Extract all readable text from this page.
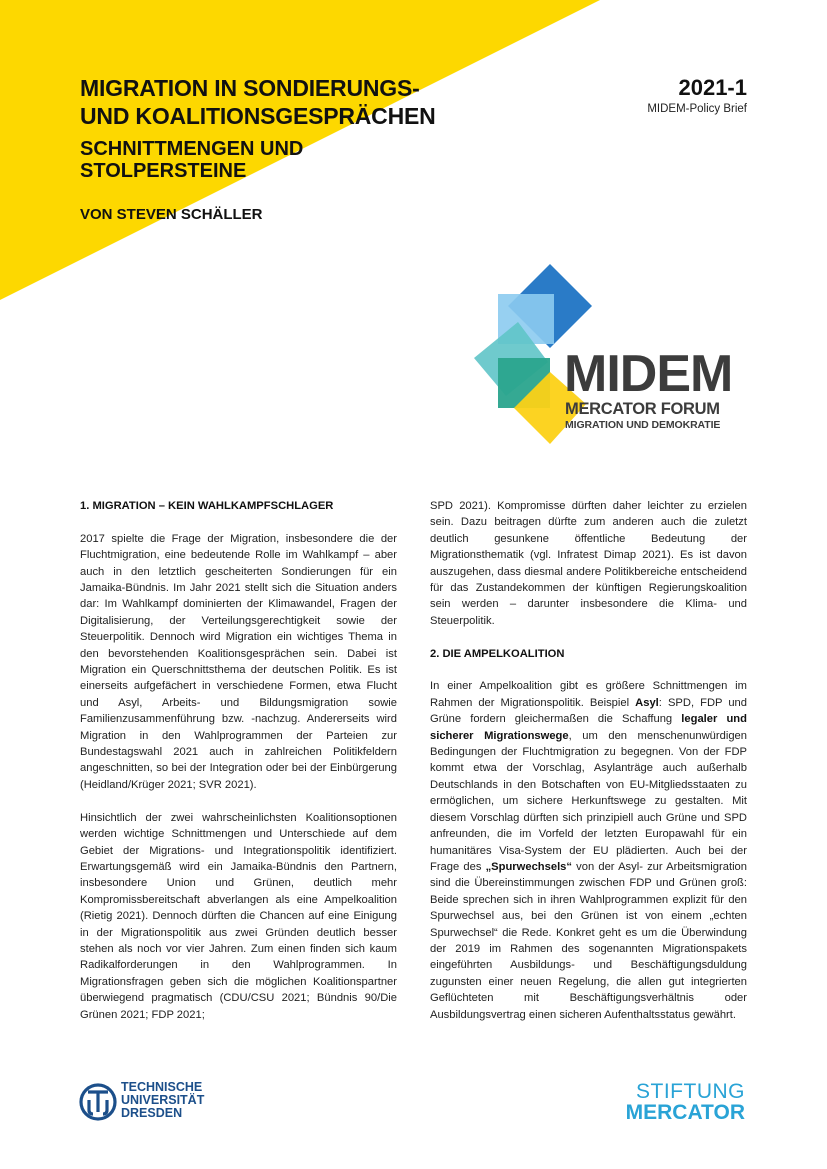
MIGRATION IN SONDIERUNGS-
UND KOALITIONSGESPRÄCHEN
SCHNITTMENGEN UND
STOLPERSTEINE
VON STEVEN SCHÄLLER
2021-1
MIDEM-Policy Brief
MIDEM
MERCATOR FORUM
MIGRATION UND DEMOKRATIE
1. MIGRATION – KEIN WAHLKAMPFSCHLAGER

2017 spielte die Frage der Migration, insbesondere die der Fluchtmigration, eine bedeutende Rolle im Wahlkampf – aber auch in den letztlich gescheiterten Sondierungen für ein Jamaika-Bündnis. Im Jahr 2021 stellt sich die Situation anders dar: Im Wahlkampf dominierten der Klimawandel, Fragen der Digitalisierung, der Verteilungsgerechtigkeit sowie der Steuerpolitik. Dennoch wird Migration ein wichtiges Thema in den bevorstehenden Koalitionsgesprächen sein. Dabei ist Migration ein Querschnittsthema der deutschen Politik. Es ist einerseits aufgefächert in verschiedene Formen, etwa Flucht und Asyl, Arbeits- und Bildungsmigration sowie Familienzusammenführung bzw. -nachzug. Andererseits wird Migration in den Wahlprogrammen der Parteien zur Bundestagswahl 2021 auch in zahlreichen Politikfeldern angeschnitten, so bei der Integration oder bei der Einbürgerung (Heidland/Krüger 2021; SVR 2021).

Hinsichtlich der zwei wahrscheinlichsten Koalitionsoptionen werden wichtige Schnittmengen und Unterschiede auf dem Gebiet der Migrations- und Integrationspolitik identifiziert. Erwartungsgemäß wird ein Jamaika-Bündnis den Partnern, insbesondere Union und Grünen, deutlich mehr Kompromissbereitschaft abverlangen als eine Ampelkoalition (Rietig 2021). Dennoch dürften die Chancen auf eine Einigung in der Migrationspolitik aus zwei Gründen deutlich besser stehen als noch vor vier Jahren. Zum einen finden sich kaum Radikalforderungen in den Wahlprogrammen. In Migrationsfragen geben sich die möglichen Koalitionspartner überwiegend pragmatisch (CDU/CSU 2021; Bündnis 90/Die Grünen 2021; FDP 2021;

SPD 2021). Kompromisse dürften daher leichter zu erzielen sein. Dazu beitragen dürfte zum anderen auch die zuletzt deutlich gesunkene öffentliche Bedeutung der Migrationsthematik (vgl. Infratest Dimap 2021). Es ist davon auszugehen, dass diesmal andere Politikbereiche entscheidend für das Zustandekommen der künftigen Regierungskoalition sein werden – darunter insbesondere die Klima- und Steuerpolitik.

2. DIE AMPELKOALITION

In einer Ampelkoalition gibt es größere Schnittmengen im Rahmen der Migrationspolitik. Beispiel Asyl: SPD, FDP und Grüne fordern gleichermaßen die Schaffung legaler und sicherer Migrationswege, um den menschenunwürdigen Bedingungen der Fluchtmigration zu begegnen. Von der FDP kommt etwa der Vorschlag, Asylanträge auch außerhalb Deutschlands in den Botschaften von EU-Mitgliedsstaaten zu ermöglichen, um sichere Herkunftswege zu gestalten. Mit diesem Vorschlag dürften sich prinzipiell auch Grüne und SPD anfreunden, die im Vorfeld der letzten Europawahl für ein humanitäres Visa-System der EU plädierten. Auch bei der Frage des „Spurwechsels“ von der Asyl- zur Arbeitsmigration sind die Übereinstimmungen zwischen FDP und Grünen groß: Beide sprechen sich in ihren Wahlprogrammen explizit für den Spurwechsel aus, bei den Grünen ist von einem „echten Spurwechsel“ die Rede. Konkret geht es um die Überwindung der 2019 im Rahmen des sogenannten Migrationspakets eingeführten Ausbildungs- und Beschäftigungsduldung zugunsten einer neuen Regelung, die allen gut integrierten Geflüchteten mit Beschäftigungsverhältnis oder Ausbildungsvertrag einen sicheren Aufenthaltsstatus gewährt.

TECHNISCHE
UNIVERSITÄT
DRESDEN
STIFTUNG
MERCATOR
